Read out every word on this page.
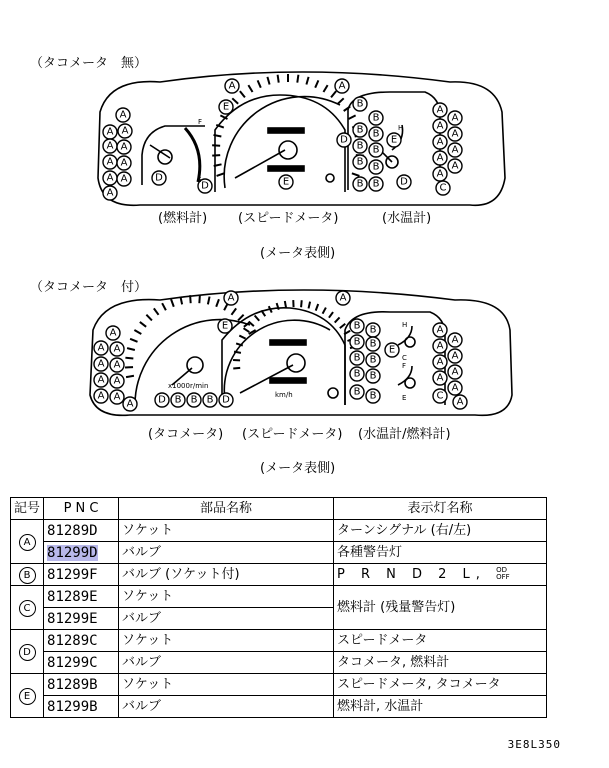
（タコメータ　無）
(燃料計) (スピードメータ)	(水温計)
(メータ表側)
（タコメータ　付）
(タコメータ) (スピードメータ) (水温計/燃料計)
(メータ表側)
A	A
E
A
A A
A A
A A
A A
A
D
D	E
B
B
B B
D
B B
E
B B
B B D
A
A
A
A
A
A
A
A
A
C
A	A
E
A
A A
A A
A A
A A
A D B B B D
B B
B B
E
B B
B B
B B
A
A
A
A
A
A
A
A
C
A
F
E
H
H
C
F
E
x1000r/min
km/h
記号	P N C	部品名称	表示灯名称
A	81289D	ソケット	ターンシグナル (右/左)
	81299D	バルブ	各種警告灯
B	81299F	バルブ (ソケット付)	P R N D 2 L, OD
OFF
C	81289E	ソケット	燃料計 (残量警告灯)
	81299E	バルブ	
D	81289C	ソケット	スピードメータ
	81299C	バルブ	タコメータ, 燃料計
E	81289B	ソケット	スピードメータ, タコメータ
	81299B	バルブ	燃料計, 水温計
3E8L350
